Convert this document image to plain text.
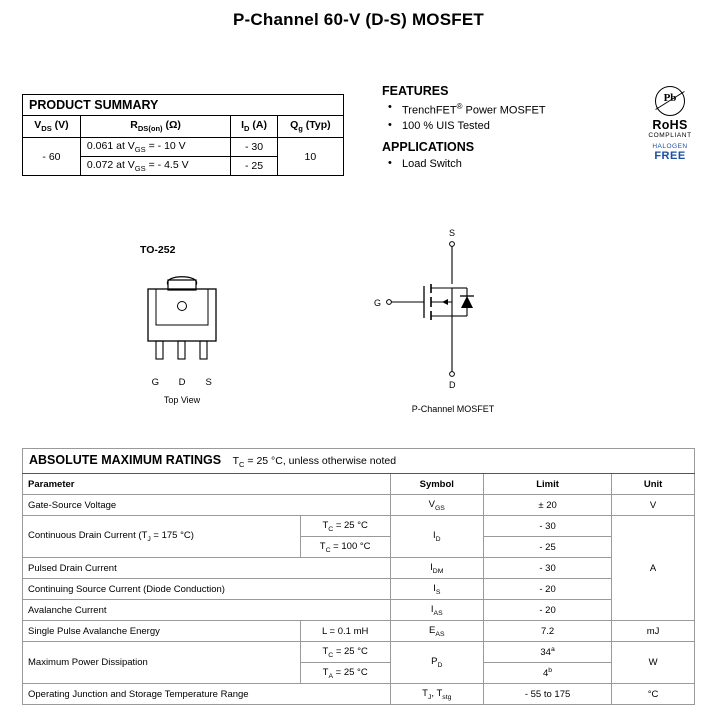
P-Channel 60-V (D-S) MOSFET
PRODUCT SUMMARY			
$V_{DS}$ (V)	$R_{DS(on)}$ (Ω)	$I_D$ (A)	$Q_g$ (Typ)
- 60	0.061 at $V_{GS}$ = - 10 V	- 30	10
	0.072 at $V_{GS}$ = - 4.5 V	- 25	
FEATURES
• TrenchFET® Power MOSFET
• 100 % UIS Tested
APPLICATIONS
• Load Switch
Pb
RoHS
COMPLIANT
HALOGEN
FREE
TO-252
G D S
Top View
S
G
D
P-Channel MOSFET
ABSOLUTE MAXIMUM RATINGS $T_C = 25$ °C, unless otherwise noted				
Parameter		Symbol	Limit	Unit
Gate-Source Voltage		$V_{GS}$	± 20	V
Continuous Drain Current ($T_J = 175$ °C)	$T_C = 25$ °C	$I_D$	- 30	A
	$T_C = 100$ °C		- 25	
Pulsed Drain Current		$I_{DM}$	- 30	
Continuing Source Current (Diode Conduction)		$I_S$	- 20	
Avalanche Current		$I_{AS}$	- 20	
Single Pulse Avalanche Energy	L = 0.1 mH	$E_{AS}$	7.2	mJ
Maximum Power Dissipation	$T_C = 25$ °C	$P_D$	34$^a$	W
	$T_A = 25$ °C		4$^b$
Operating Junction and Storage Temperature Range		$T_J$, $T_{stg}$	- 55 to 175	°C
